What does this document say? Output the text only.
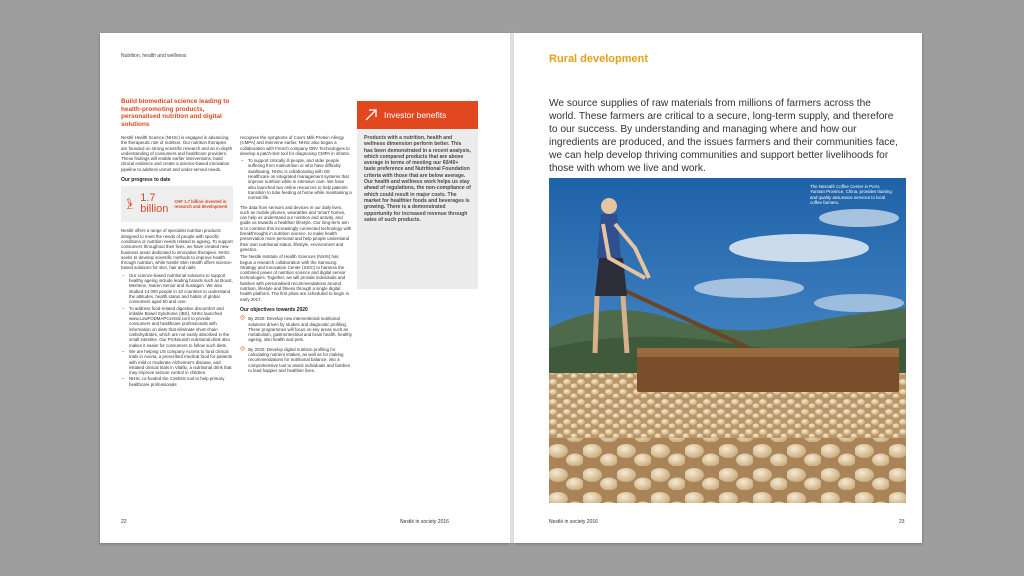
Nutrition, health and wellness
Build biomedical science leading to health-promoting products, personalised nutrition and digital solutions

Nestlé Health Science (NHSc) is engaged in advancing the therapeutic role of nutrition. Our nutrition therapies are founded on strong scientific research and an in-depth understanding of consumers and healthcare providers. These findings will enable earlier interventions, build clinical evidence and create a science-based innovation pipeline to address unmet and under-served needs.

Our progress to date

1.7 billion
CHF 1.7 billion invested in research and development

Nestlé offers a range of specialist nutrition products designed to meet the needs of people with specific conditions or nutrition needs related to ageing. To support consumers throughout their lives, we have created new business areas dedicated to innovative therapies. NHSc seeks to develop scientific methods to improve health through nutrition, while Nestlé Skin Health offers science-based solutions for skin, hair and nails.

– Our science-based nutritional solutions to support healthy ageing include leading brands such as Boost, Meritene, Nutren Senior and Sustagen. We also studied 14 000 people in 10 countries to understand the attitudes, health status and habits of global consumers aged 50 and over.
– To address food-related digestive discomfort and irritable Bowel Syndrome (IBS), NHSc launched www.LowFODMAPCentral.com to provide consumers and healthcare professionals with information on diets that eliminate short-chain carbohydrates, which are not easily absorbed in the small intestine. Our ProNourish nutritional drink also makes it easier for consumers to follow such diets.
– We are helping US company Accera to fund clinical trials in Axona, a prescribed medical food for patients with mild or moderate Alzheimer's disease, and initiated clinical trials in Vitaflo, a nutritional drink that may improve seizure control in children.
– NHSc co-funded the CoMiSS tool to help primary healthcare professionals

recognise the symptoms of Cow's Milk Protein Allergy (CMPA) and intervene earlier. NHSc also began a collaboration with French company DBV Technologies to develop a patch-test tool for diagnosing CMPA in infants.

– To support critically ill people, and older people suffering from malnutrition or who have difficulty swallowing, NHSc is collaborating with GE Healthcare on integrated management systems that improve nutrition while in intensive care. We have also launched two online resources to help patients transition to tube feeding at home while maintaining a normal life.

The data from sensors and devices in our daily lives, such as mobile phones, wearables and 'smart' homes, can help us understand our nutrition and activity, and guide us towards a healthier lifestyle. Our long-term aim is to combine this increasingly connected technology with breakthroughs in nutrition science, to make health preservation more personal and help people understand their own nutritional status, lifestyle, environment and genetics.

The Nestlé Institute of Health Sciences (NIHS) has begun a research collaboration with the Samsung Strategy and Innovation Center (SSIC) to harness the combined power of nutrition science and digital sensor technologies. Together, we will provide individuals and families with personalised recommendations around nutrition, lifestyle and fitness through a single digital health platform. The first pilots are scheduled to begin in early 2017.

Our objectives towards 2020

◎ By 2020: Develop new interventional nutritional solutions driven by studies and diagnostic profiling. These programmes will focus on key areas such as metabolism, gastrointestinal and brain health, healthy ageing, skin health and pets.
◎ By 2020: Develop digital nutrition profiling for calculating nutrient intakes, as well as for making recommendations for nutritional balance, into a comprehensive tool to assist individuals and families to lead happier and healthier lives.
Investor benefits
Products with a nutrition, health and wellness dimension perform better. This has been demonstrated in a recent analysis, which compared products that are above average in terms of meeting our 60/40+ taste preference and Nutritional Foundation criteria with those that are below average. Our health and wellness work helps us stay ahead of regulations, the non-compliance of which could result in major costs. The market for healthier foods and beverages is growing. There is a demonstrated opportunity for increased revenue through sales of such products.
22	Nestlé in society 2016
Rural development
We source supplies of raw materials from millions of farmers across the world. These farmers are critical to a secure, long-term supply, and therefore to our success. By understanding and managing where and how our ingredients are produced, and the issues farmers and their communities face, we can help develop thriving communities and support better livelihoods for those with whom we live and work.
The Nescafé Coffee Center in Pu'er, Yunnan Province, China, provides training and quality assurance services to local coffee farmers.
Nestlé in society 2016	23
